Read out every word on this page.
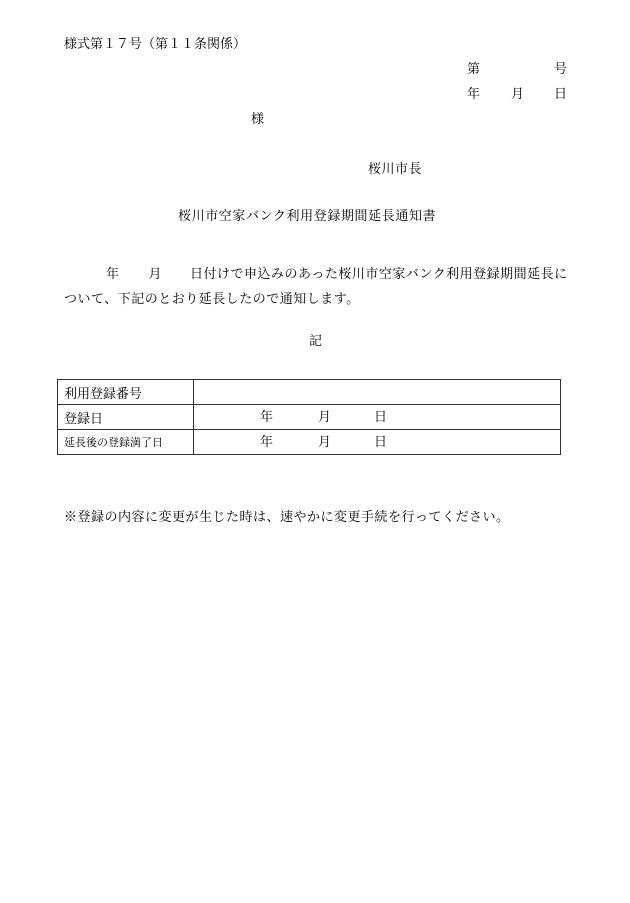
様式第１７号（第１１条関係）
第	号
年 月 日
様
桜川市長
桜川市空家バンク利用登録期間延長通知書
年 月 日付けで申込みのあった桜川市空家バンク利用登録期間延長について、下記のとおり延長したので通知します。
記
利用登録番号	
登録日	年 月 日

延長後の登録満了日	年 月 日
※登録の内容に変更が生じた時は、速やかに変更手続を行ってください。
